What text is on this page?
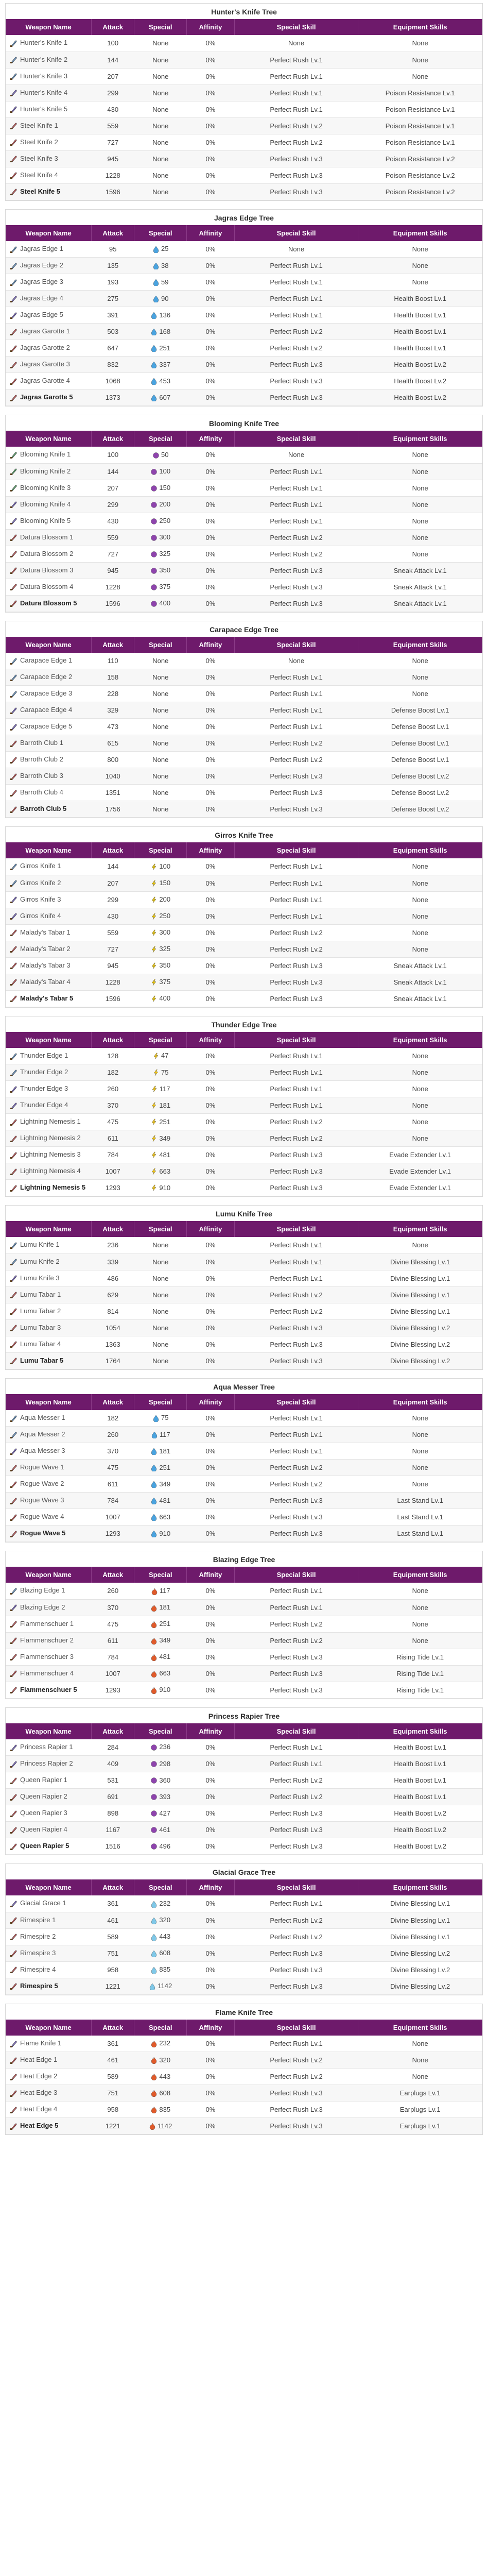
Hunter's Knife Tree
Weapon Name	Attack	Special	Affinity	Special Skill	Equipment Skills
Hunter's Knife 1	100	None	0%	None	None
Hunter's Knife 2	144	None	0%	Perfect Rush Lv.1	None
Hunter's Knife 3	207	None	0%	Perfect Rush Lv.1	None
Hunter's Knife 4	299	None	0%	Perfect Rush Lv.1	Poison Resistance Lv.1
Hunter's Knife 5	430	None	0%	Perfect Rush Lv.1	Poison Resistance Lv.1
Steel Knife 1	559	None	0%	Perfect Rush Lv.2	Poison Resistance Lv.1
Steel Knife 2	727	None	0%	Perfect Rush Lv.2	Poison Resistance Lv.1
Steel Knife 3	945	None	0%	Perfect Rush Lv.3	Poison Resistance Lv.2
Steel Knife 4	1228	None	0%	Perfect Rush Lv.3	Poison Resistance Lv.2
Steel Knife 5	1596	None	0%	Perfect Rush Lv.3	Poison Resistance Lv.2
Jagras Edge Tree
Weapon Name	Attack	Special	Affinity	Special Skill	Equipment Skills
Jagras Edge 1	95	25	0%	None	None
Jagras Edge 2	135	38	0%	Perfect Rush Lv.1	None
Jagras Edge 3	193	59	0%	Perfect Rush Lv.1	None
Jagras Edge 4	275	90	0%	Perfect Rush Lv.1	Health Boost Lv.1
Jagras Edge 5	391	136	0%	Perfect Rush Lv.1	Health Boost Lv.1
Jagras Garotte 1	503	168	0%	Perfect Rush Lv.2	Health Boost Lv.1
Jagras Garotte 2	647	251	0%	Perfect Rush Lv.2	Health Boost Lv.1
Jagras Garotte 3	832	337	0%	Perfect Rush Lv.3	Health Boost Lv.2
Jagras Garotte 4	1068	453	0%	Perfect Rush Lv.3	Health Boost Lv.2
Jagras Garotte 5	1373	607	0%	Perfect Rush Lv.3	Health Boost Lv.2
Blooming Knife Tree
Weapon Name	Attack	Special	Affinity	Special Skill	Equipment Skills
Blooming Knife 1	100	50	0%	None	None
Blooming Knife 2	144	100	0%	Perfect Rush Lv.1	None
Blooming Knife 3	207	150	0%	Perfect Rush Lv.1	None
Blooming Knife 4	299	200	0%	Perfect Rush Lv.1	None
Blooming Knife 5	430	250	0%	Perfect Rush Lv.1	None
Datura Blossom 1	559	300	0%	Perfect Rush Lv.2	None
Datura Blossom 2	727	325	0%	Perfect Rush Lv.2	None
Datura Blossom 3	945	350	0%	Perfect Rush Lv.3	Sneak Attack Lv.1
Datura Blossom 4	1228	375	0%	Perfect Rush Lv.3	Sneak Attack Lv.1
Datura Blossom 5	1596	400	0%	Perfect Rush Lv.3	Sneak Attack Lv.1
Carapace Edge Tree
Weapon Name	Attack	Special	Affinity	Special Skill	Equipment Skills
Carapace Edge 1	110	None	0%	None	None
Carapace Edge 2	158	None	0%	Perfect Rush Lv.1	None
Carapace Edge 3	228	None	0%	Perfect Rush Lv.1	None
Carapace Edge 4	329	None	0%	Perfect Rush Lv.1	Defense Boost Lv.1
Carapace Edge 5	473	None	0%	Perfect Rush Lv.1	Defense Boost Lv.1
Barroth Club 1	615	None	0%	Perfect Rush Lv.2	Defense Boost Lv.1
Barroth Club 2	800	None	0%	Perfect Rush Lv.2	Defense Boost Lv.1
Barroth Club 3	1040	None	0%	Perfect Rush Lv.3	Defense Boost Lv.2
Barroth Club 4	1351	None	0%	Perfect Rush Lv.3	Defense Boost Lv.2
Barroth Club 5	1756	None	0%	Perfect Rush Lv.3	Defense Boost Lv.2
Girros Knife Tree
Weapon Name	Attack	Special	Affinity	Special Skill	Equipment Skills
Girros Knife 1	144	100	0%	Perfect Rush Lv.1	None
Girros Knife 2	207	150	0%	Perfect Rush Lv.1	None
Girros Knife 3	299	200	0%	Perfect Rush Lv.1	None
Girros Knife 4	430	250	0%	Perfect Rush Lv.1	None
Malady's Tabar 1	559	300	0%	Perfect Rush Lv.2	None
Malady's Tabar 2	727	325	0%	Perfect Rush Lv.2	None
Malady's Tabar 3	945	350	0%	Perfect Rush Lv.3	Sneak Attack Lv.1
Malady's Tabar 4	1228	375	0%	Perfect Rush Lv.3	Sneak Attack Lv.1
Malady's Tabar 5	1596	400	0%	Perfect Rush Lv.3	Sneak Attack Lv.1
Thunder Edge Tree
Weapon Name	Attack	Special	Affinity	Special Skill	Equipment Skills
Thunder Edge 1	128	47	0%	Perfect Rush Lv.1	None
Thunder Edge 2	182	75	0%	Perfect Rush Lv.1	None
Thunder Edge 3	260	117	0%	Perfect Rush Lv.1	None
Thunder Edge 4	370	181	0%	Perfect Rush Lv.1	None
Lightning Nemesis 1	475	251	0%	Perfect Rush Lv.2	None
Lightning Nemesis 2	611	349	0%	Perfect Rush Lv.2	None
Lightning Nemesis 3	784	481	0%	Perfect Rush Lv.3	Evade Extender Lv.1
Lightning Nemesis 4	1007	663	0%	Perfect Rush Lv.3	Evade Extender Lv.1
Lightning Nemesis 5	1293	910	0%	Perfect Rush Lv.3	Evade Extender Lv.1
Lumu Knife Tree
Weapon Name	Attack	Special	Affinity	Special Skill	Equipment Skills
Lumu Knife 1	236	None	0%	Perfect Rush Lv.1	None
Lumu Knife 2	339	None	0%	Perfect Rush Lv.1	Divine Blessing Lv.1
Lumu Knife 3	486	None	0%	Perfect Rush Lv.1	Divine Blessing Lv.1
Lumu Tabar 1	629	None	0%	Perfect Rush Lv.2	Divine Blessing Lv.1
Lumu Tabar 2	814	None	0%	Perfect Rush Lv.2	Divine Blessing Lv.1
Lumu Tabar 3	1054	None	0%	Perfect Rush Lv.3	Divine Blessing Lv.2
Lumu Tabar 4	1363	None	0%	Perfect Rush Lv.3	Divine Blessing Lv.2
Lumu Tabar 5	1764	None	0%	Perfect Rush Lv.3	Divine Blessing Lv.2
Aqua Messer Tree
Weapon Name	Attack	Special	Affinity	Special Skill	Equipment Skills
Aqua Messer 1	182	75	0%	Perfect Rush Lv.1	None
Aqua Messer 2	260	117	0%	Perfect Rush Lv.1	None
Aqua Messer 3	370	181	0%	Perfect Rush Lv.1	None
Rogue Wave 1	475	251	0%	Perfect Rush Lv.2	None
Rogue Wave 2	611	349	0%	Perfect Rush Lv.2	None
Rogue Wave 3	784	481	0%	Perfect Rush Lv.3	Last Stand Lv.1
Rogue Wave 4	1007	663	0%	Perfect Rush Lv.3	Last Stand Lv.1
Rogue Wave 5	1293	910	0%	Perfect Rush Lv.3	Last Stand Lv.1
Blazing Edge Tree
Weapon Name	Attack	Special	Affinity	Special Skill	Equipment Skills
Blazing Edge 1	260	117	0%	Perfect Rush Lv.1	None
Blazing Edge 2	370	181	0%	Perfect Rush Lv.1	None
Flammenschuer 1	475	251	0%	Perfect Rush Lv.2	None
Flammenschuer 2	611	349	0%	Perfect Rush Lv.2	None
Flammenschuer 3	784	481	0%	Perfect Rush Lv.3	Rising Tide Lv.1
Flammenschuer 4	1007	663	0%	Perfect Rush Lv.3	Rising Tide Lv.1
Flammenschuer 5	1293	910	0%	Perfect Rush Lv.3	Rising Tide Lv.1
Princess Rapier Tree
Weapon Name	Attack	Special	Affinity	Special Skill	Equipment Skills
Princess Rapier 1	284	236	0%	Perfect Rush Lv.1	Health Boost Lv.1
Princess Rapier 2	409	298	0%	Perfect Rush Lv.1	Health Boost Lv.1
Queen Rapier 1	531	360	0%	Perfect Rush Lv.2	Health Boost Lv.1
Queen Rapier 2	691	393	0%	Perfect Rush Lv.2	Health Boost Lv.1
Queen Rapier 3	898	427	0%	Perfect Rush Lv.3	Health Boost Lv.2
Queen Rapier 4	1167	461	0%	Perfect Rush Lv.3	Health Boost Lv.2
Queen Rapier 5	1516	496	0%	Perfect Rush Lv.3	Health Boost Lv.2
Glacial Grace Tree
Weapon Name	Attack	Special	Affinity	Special Skill	Equipment Skills
Glacial Grace 1	361	232	0%	Perfect Rush Lv.1	Divine Blessing Lv.1
Rimespire 1	461	320	0%	Perfect Rush Lv.2	Divine Blessing Lv.1
Rimespire 2	589	443	0%	Perfect Rush Lv.2	Divine Blessing Lv.1
Rimespire 3	751	608	0%	Perfect Rush Lv.3	Divine Blessing Lv.2
Rimespire 4	958	835	0%	Perfect Rush Lv.3	Divine Blessing Lv.2
Rimespire 5	1221	1142	0%	Perfect Rush Lv.3	Divine Blessing Lv.2
Flame Knife Tree
Weapon Name	Attack	Special	Affinity	Special Skill	Equipment Skills
Flame Knife 1	361	232	0%	Perfect Rush Lv.1	None
Heat Edge 1	461	320	0%	Perfect Rush Lv.2	None
Heat Edge 2	589	443	0%	Perfect Rush Lv.2	None
Heat Edge 3	751	608	0%	Perfect Rush Lv.3	Earplugs Lv.1
Heat Edge 4	958	835	0%	Perfect Rush Lv.3	Earplugs Lv.1
Heat Edge 5	1221	1142	0%	Perfect Rush Lv.3	Earplugs Lv.1
